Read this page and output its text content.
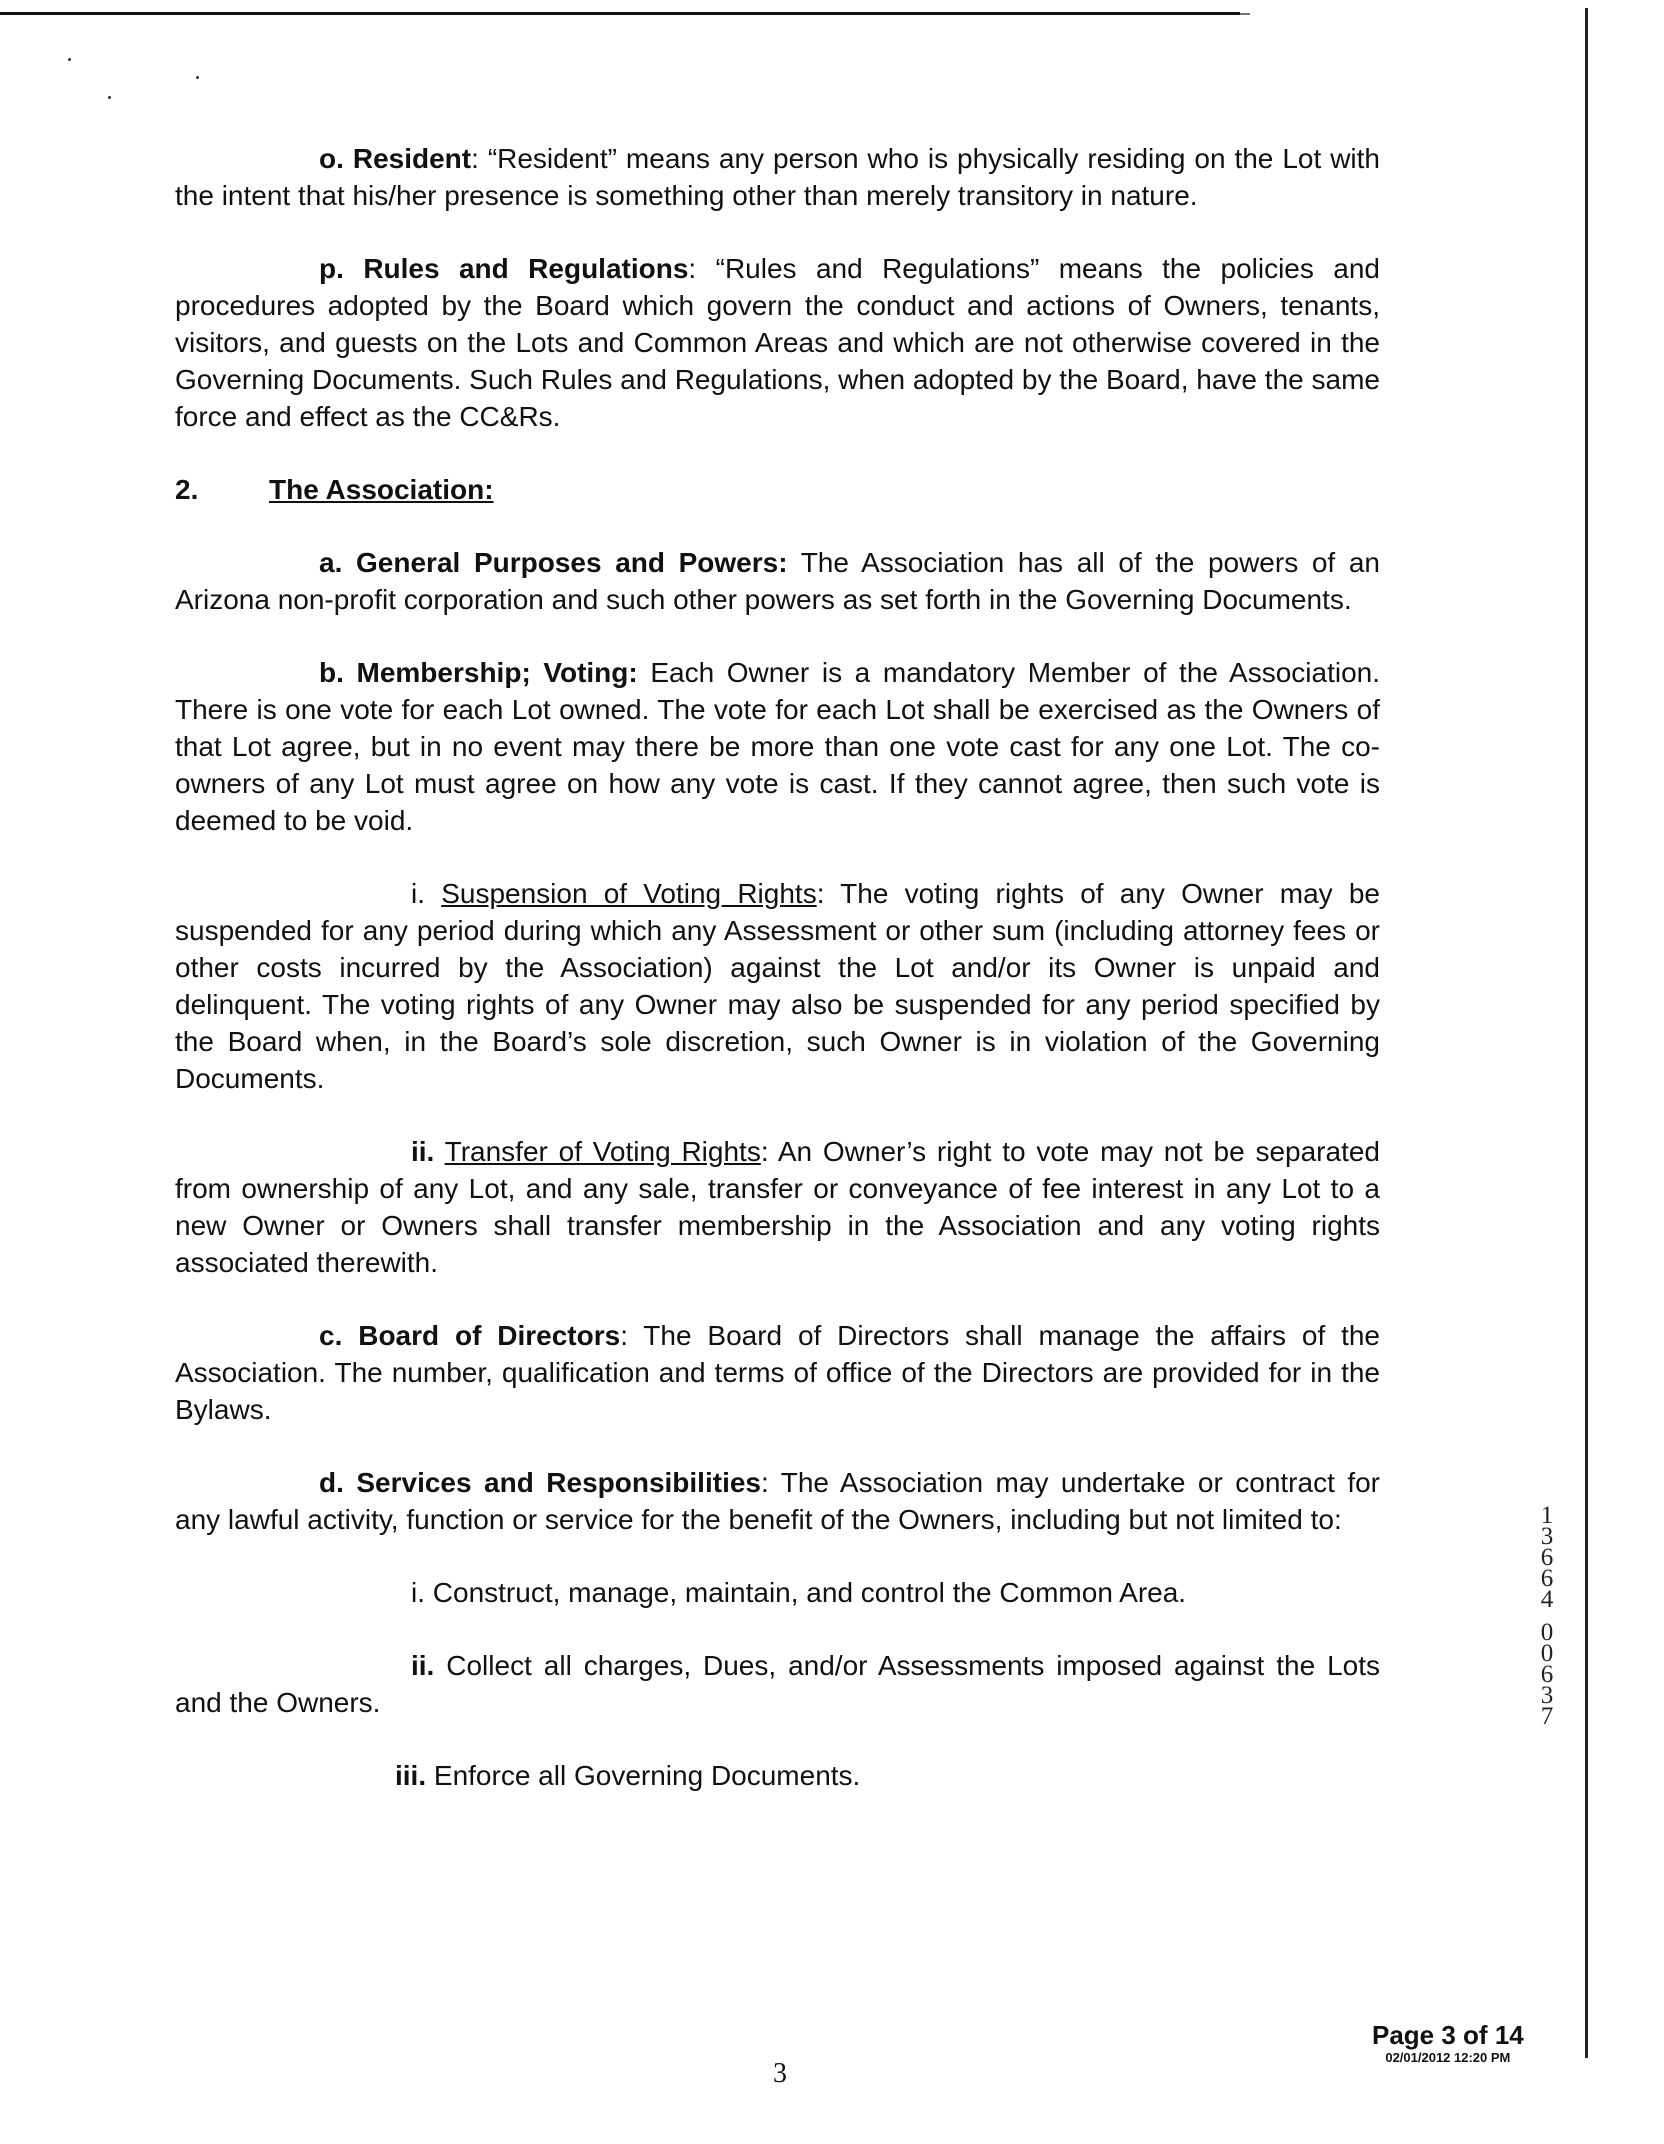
o. Resident: “Resident” means any person who is physically residing on the Lot with the intent that his/her presence is something other than merely transitory in nature.

p. Rules and Regulations: “Rules and Regulations” means the policies and procedures adopted by the Board which govern the conduct and actions of Owners, tenants, visitors, and guests on the Lots and Common Areas and which are not otherwise covered in the Governing Documents. Such Rules and Regulations, when adopted by the Board, have the same force and effect as the CC&Rs.

2.	The Association:

a. General Purposes and Powers: The Association has all of the powers of an Arizona non-profit corporation and such other powers as set forth in the Governing Documents.

b. Membership; Voting: Each Owner is a mandatory Member of the Association. There is one vote for each Lot owned. The vote for each Lot shall be exercised as the Owners of that Lot agree, but in no event may there be more than one vote cast for any one Lot. The co-owners of any Lot must agree on how any vote is cast. If they cannot agree, then such vote is deemed to be void.

i. Suspension of Voting Rights: The voting rights of any Owner may be suspended for any period during which any Assessment or other sum (including attorney fees or other costs incurred by the Association) against the Lot and/or its Owner is unpaid and delinquent. The voting rights of any Owner may also be suspended for any period specified by the Board when, in the Board’s sole discretion, such Owner is in violation of the Governing Documents.

ii. Transfer of Voting Rights: An Owner’s right to vote may not be separated from ownership of any Lot, and any sale, transfer or conveyance of fee interest in any Lot to a new Owner or Owners shall transfer membership in the Association and any voting rights associated therewith.

c. Board of Directors: The Board of Directors shall manage the affairs of the Association. The number, qualification and terms of office of the Directors are provided for in the Bylaws.

d. Services and Responsibilities: The Association may undertake or contract for any lawful activity, function or service for the benefit of the Owners, including but not limited to:

i. Construct, manage, maintain, and control the Common Area.

ii. Collect all charges, Dues, and/or Assessments imposed against the Lots and the Owners.

iii. Enforce all Governing Documents.

1
3
6
6
4
0
0
6
3
7
3
Page 3 of 14
02/01/2012 12:20 PM
